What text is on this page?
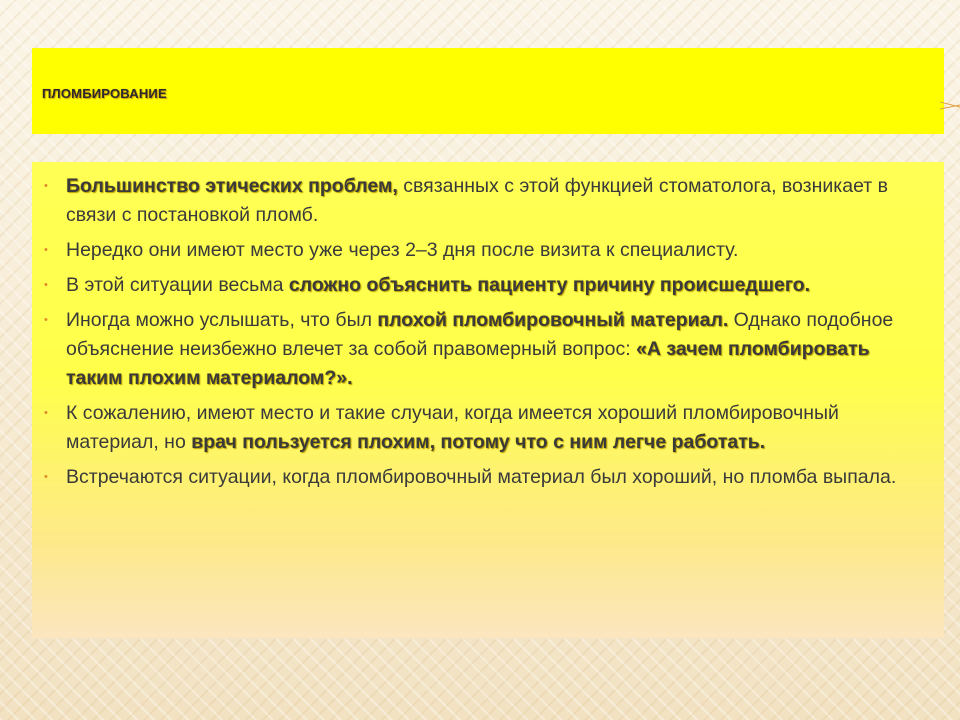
ПЛОМБИРОВАНИЕ
• Большинство этических проблем, связанных с этой функцией стоматолога, возникает в связи с постановкой пломб.
• Нередко они имеют место уже через 2–3 дня после визита к специалисту.
• В этой ситуации весьма сложно объяснить пациенту причину происшедшего.
• Иногда можно услышать, что был плохой пломбировочный материал. Однако подобное объяснение неизбежно влечет за собой правомерный вопрос: «А зачем пломбировать таким плохим материалом?».
• К сожалению, имеют место и такие случаи, когда имеется хороший пломбировочный материал, но врач пользуется плохим, потому что с ним легче работать.
• Встречаются ситуации, когда пломбировочный материал был хороший, но пломба выпала.
